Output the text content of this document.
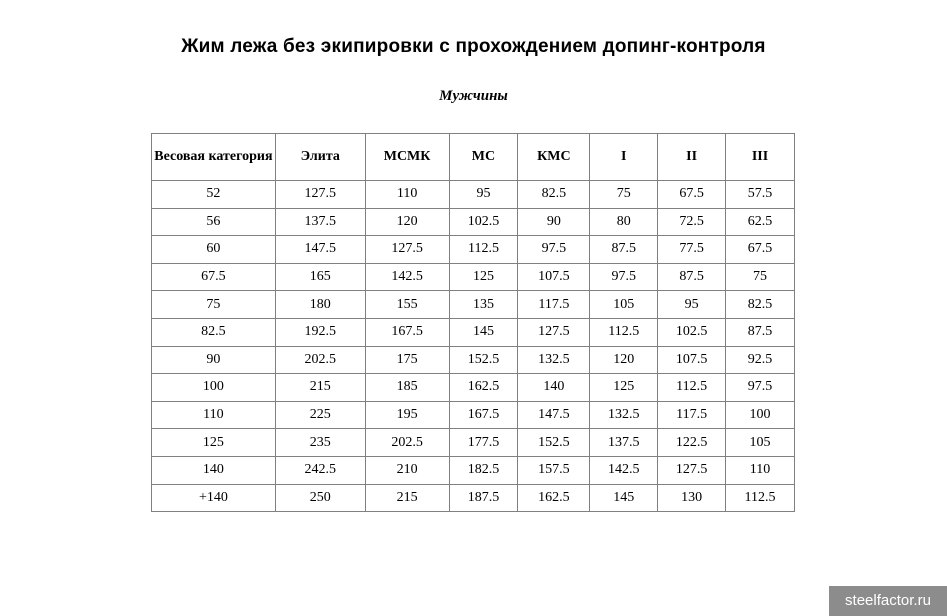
Жим лежа без экипировки с прохождением допинг-контроля
Мужчины
Весовая категория	Элита	МСМК	МС	КМС	I	II	III
52	127.5	110	95	82.5	75	67.5	57.5
56	137.5	120	102.5	90	80	72.5	62.5
60	147.5	127.5	112.5	97.5	87.5	77.5	67.5
67.5	165	142.5	125	107.5	97.5	87.5	75
75	180	155	135	117.5	105	95	82.5
82.5	192.5	167.5	145	127.5	112.5	102.5	87.5
90	202.5	175	152.5	132.5	120	107.5	92.5
100	215	185	162.5	140	125	112.5	97.5
110	225	195	167.5	147.5	132.5	117.5	100
125	235	202.5	177.5	152.5	137.5	122.5	105
140	242.5	210	182.5	157.5	142.5	127.5	110
+140	250	215	187.5	162.5	145	130	112.5
steelfactor.ru
